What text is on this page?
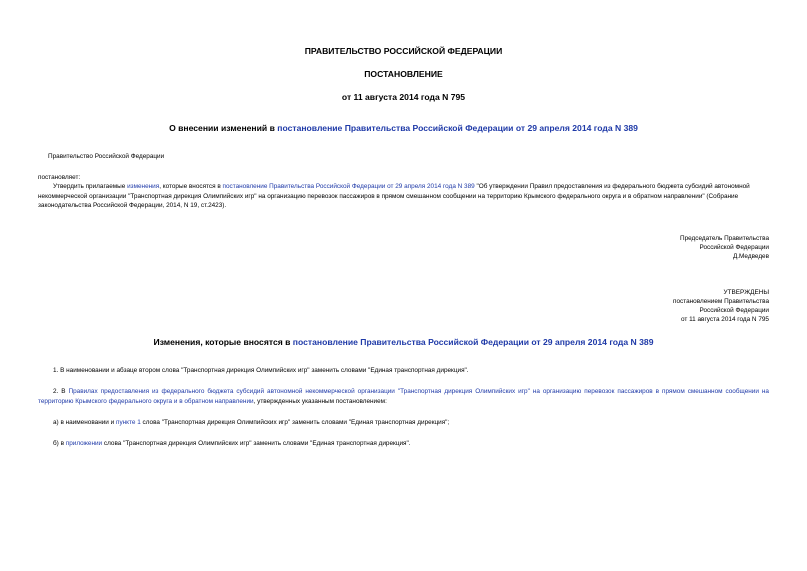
ПРАВИТЕЛЬСТВО РОССИЙСКОЙ ФЕДЕРАЦИИ
ПОСТАНОВЛЕНИЕ
от 11 августа 2014 года N 795
О внесении изменений в постановление Правительства Российской Федерации от 29 апреля 2014 года N 389
Правительство Российской Федерации
постановляет:
Утвердить прилагаемые изменения, которые вносятся в постановление Правительства Российской Федерации от 29 апреля 2014 года N 389 "Об утверждении Правил предоставления из федерального бюджета субсидий автономной некоммерческой организации "Транспортная дирекция Олимпийских игр" на организацию перевозок пассажиров в прямом смешанном сообщении на территорию Крымского федерального округа и в обратном направлении" (Собрание законодательства Российской Федерации, 2014, N 19, ст.2423).
Председатель Правительства
Российской Федерации
Д.Медведев
УТВЕРЖДЕНЫ
постановлением Правительства
Российской Федерации
от 11 августа 2014 года N 795
Изменения, которые вносятся в постановление Правительства Российской Федерации от 29 апреля 2014 года N 389
1. В наименовании и абзаце втором слова "Транспортная дирекция Олимпийских игр" заменить словами "Единая транспортная дирекция".
2. В Правилах предоставления из федерального бюджета субсидий автономной некоммерческой организации "Транспортная дирекция Олимпийских игр" на организацию перевозок пассажиров в прямом смешанном сообщении на территорию Крымского федерального округа и в обратном направлении, утвержденных указанным постановлением:
а) в наименовании и пункте 1 слова "Транспортная дирекция Олимпийских игр" заменить словами "Единая транспортная дирекция";
б) в приложении слова "Транспортная дирекция Олимпийских игр" заменить словами "Единая транспортная дирекция".
